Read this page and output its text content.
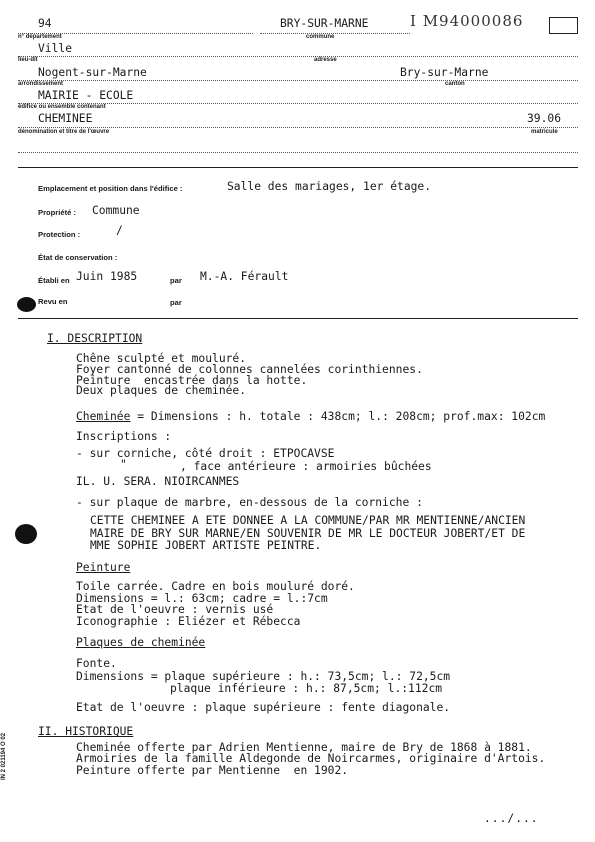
94
n° département
BRY-SUR-MARNE
commune
I M94000086
Ville
lieu-dit	adresse
Nogent-sur-Marne	Bry-sur-Marne
arrondissement	canton
MAIRIE - ECOLE
édifice ou ensemble contenant
CHEMINEE	39.06
dénomination et titre de l'œuvre	matricule
Emplacement et position dans l'édifice :	Salle des mariages, 1er étage.
Propriété : Commune
Protection :	/
État de conservation :
Établi en Juin 1985	par M.-A. Férault
Revu en	par
I. DESCRIPTION
Chêne sculpté et mouluré.
Foyer cantonné de colonnes cannelées corinthiennes.
Peinture  encastrée dans la hotte.
Deux plaques de cheminée.
Cheminée = Dimensions : h. totale : 438cm; l.: 208cm; prof.max: 102cm
Inscriptions :
- sur corniche, côté droit : ETPOCAVSE
"	, face antérieure : armoiries bûchées
IL. U. SERA. NIOIRCANMES
- sur plaque de marbre, en-dessous de la corniche :
CETTE CHEMINEE A ETE DONNEE A LA COMMUNE/PAR MR MENTIENNE/ANCIEN
MAIRE DE BRY SUR MARNE/EN SOUVENIR DE MR LE DOCTEUR JOBERT/ET DE
MME SOPHIE JOBERT ARTISTE PEINTRE.
Peinture
Toile carrée. Cadre en bois mouluré doré.
Dimensions = l.: 63cm; cadre = l.:7cm
Etat de l'oeuvre : vernis usé
Iconographie : Eliézer et Rébecca
Plaques de cheminée
Fonte.
Dimensions = plaque supérieure : h.: 73,5cm; l.: 72,5cm
plaque inférieure : h.: 87,5cm; l.:112cm
Etat de l'oeuvre : plaque supérieure : fente diagonale.
II. HISTORIQUE
Cheminée offerte par Adrien Mentienne, maire de Bry de 1868 à 1881.
Armoiries de la famille Aldegonde de Noircarmes, originaire d'Artois.
Peinture offerte par Mentienne  en 1902.
IN 2 021194 O 02
.../...
